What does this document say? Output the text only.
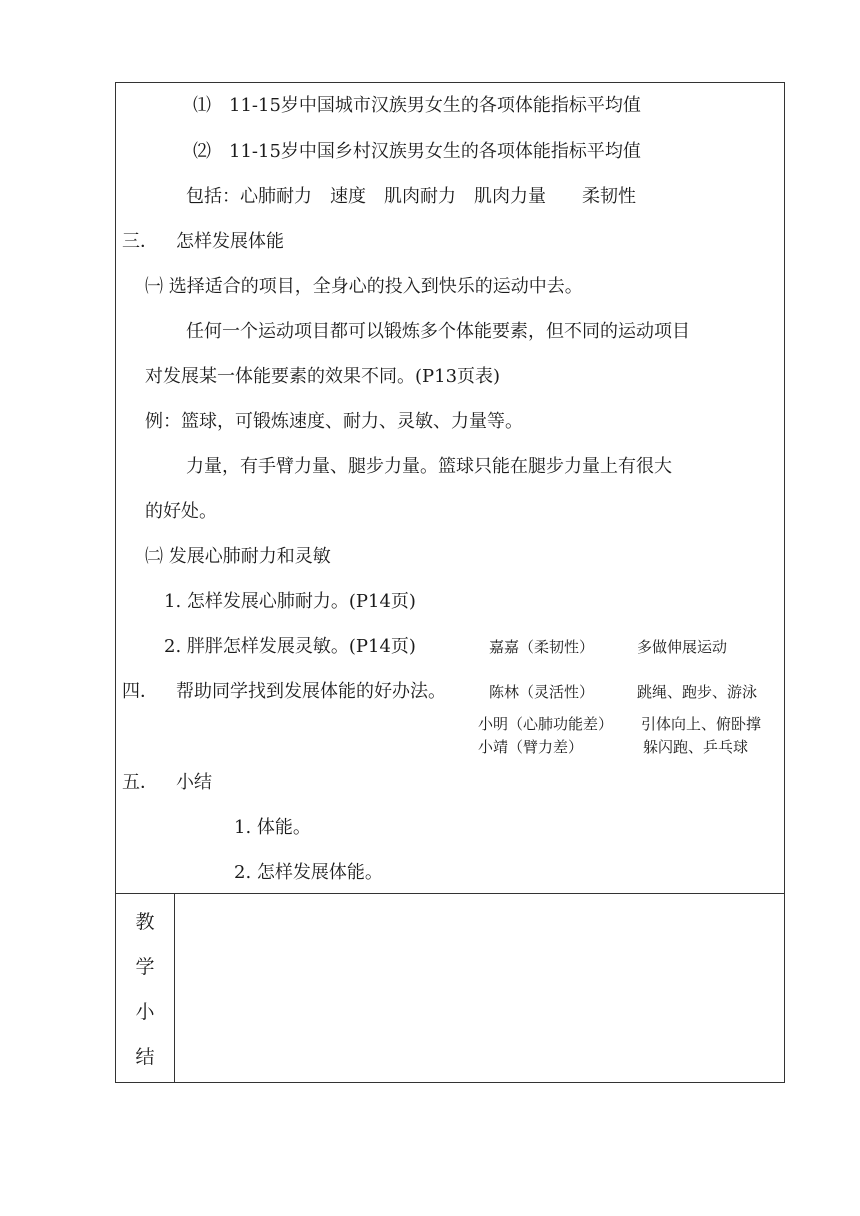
⑴　11-15岁中国城市汉族男女生的各项体能指标平均值
⑵　11-15岁中国乡村汉族男女生的各项体能指标平均值
包括：心肺耐力　速度　肌肉耐力　肌肉力量　　柔韧性
三． 怎样发展体能
㈠ 选择适合的项目，全身心的投入到快乐的运动中去。
任何一个运动项目都可以锻炼多个体能要素，但不同的运动项目
对发展某一体能要素的效果不同。(P13页表)
例：篮球，可锻炼速度、耐力、灵敏、力量等。
力量，有手臂力量、腿步力量。篮球只能在腿步力量上有很大
的好处。
㈡ 发展心肺耐力和灵敏
1. 怎样发展心肺耐力。(P14页)
2. 胖胖怎样发展灵敏。(P14页)	嘉嘉（柔韧性）	多做伸展运动
四． 帮助同学找到发展体能的好办法。	陈林（灵活性）	跳绳、跑步、游泳
小明（心肺功能差） 引体向上、俯卧撑
小靖（臂力差）	躲闪跑、乒乓球
五． 小结
1. 体能。
2. 怎样发展体能。
教
学
小
结
